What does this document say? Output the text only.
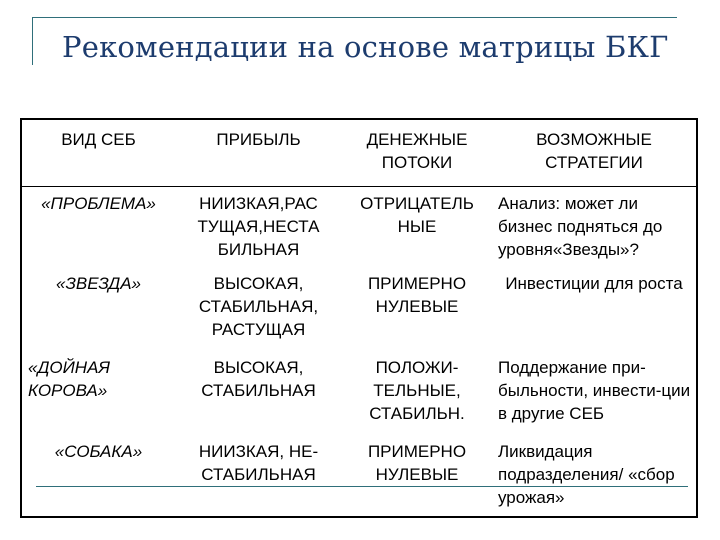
Рекомендации на основе матрицы БКГ
ВИД СЕБ	ПРИБЫЛЬ	ДЕНЕЖНЫЕ ПОТОКИ	ВОЗМОЖНЫЕ СТРАТЕГИИ
«ПРОБЛЕМА»	НИИЗКАЯ,РАС ТУЩАЯ,НЕСТА БИЛЬНАЯ	ОТРИЦАТЕЛЬ НЫЕ	Анализ: может ли бизнес подняться до уровня«Звезды»?
«ЗВЕЗДА»	ВЫСОКАЯ, СТАБИЛЬНАЯ, РАСТУЩАЯ	ПРИМЕРНО НУЛЕВЫЕ	Инвестиции для роста
«ДОЙНАЯ КОРОВА»	ВЫСОКАЯ, СТАБИЛЬНАЯ	ПОЛОЖИ-ТЕЛЬНЫЕ, СТАБИЛЬН.	Поддержание при-быльности, инвести-ции в другие СЕБ
«СОБАКА»	НИИЗКАЯ, НЕ-СТАБИЛЬНАЯ	ПРИМЕРНО НУЛЕВЫЕ	Ликвидация подразделения/ «сбор урожая»
